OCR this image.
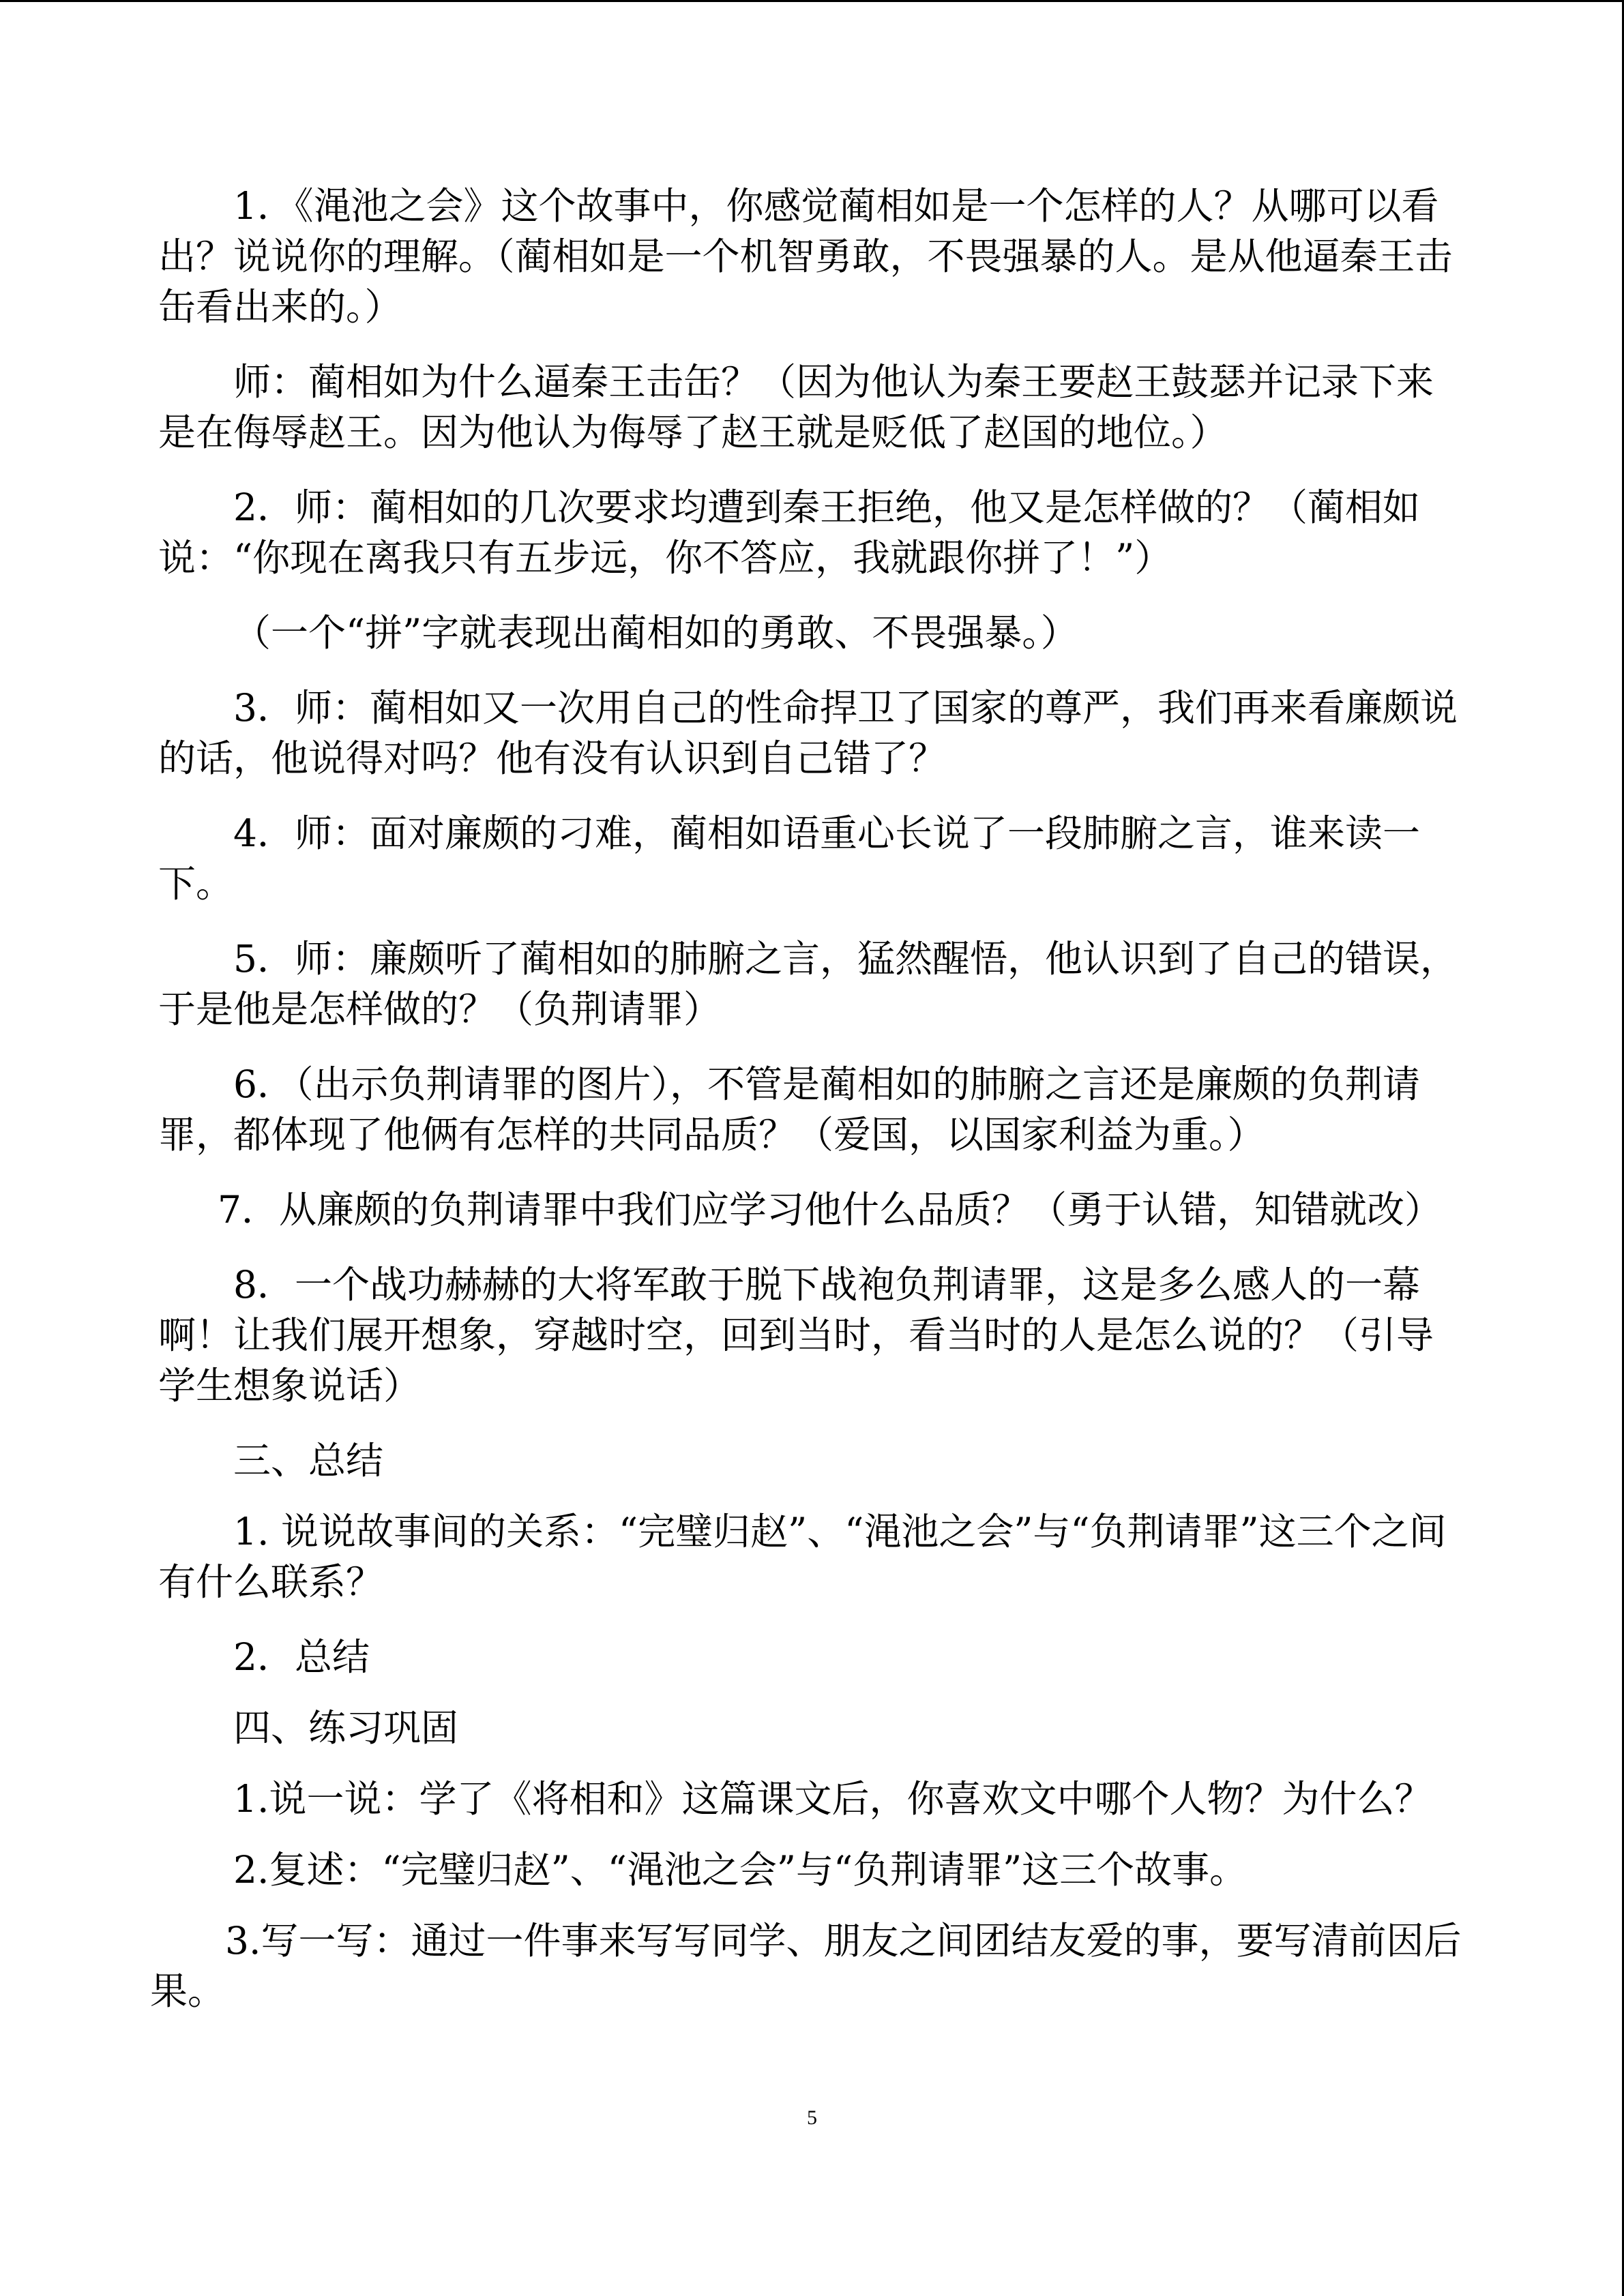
1．《渑池之会》这个故事中，你感觉蔺相如是一个怎样的人？从哪可以看出？说说你的理解。（蔺相如是一个机智勇敢，不畏强暴的人。是从他逼秦王击缶看出来的。）

师：蔺相如为什么逼秦王击缶？（因为他认为秦王要赵王鼓瑟并记录下来是在侮辱赵王。因为他认为侮辱了赵王就是贬低了赵国的地位。）

2．师：蔺相如的几次要求均遭到秦王拒绝，他又是怎样做的？（蔺相如说：“你现在离我只有五步远，你不答应，我就跟你拼了！”）

（一个“拼”字就表现出蔺相如的勇敢、不畏强暴。）

3．师：蔺相如又一次用自己的性命捍卫了国家的尊严，我们再来看廉颇说的话，他说得对吗？他有没有认识到自己错了？

4．师：面对廉颇的刁难，蔺相如语重心长说了一段肺腑之言，谁来读一下。

5．师：廉颇听了蔺相如的肺腑之言，猛然醒悟，他认识到了自己的错误，于是他是怎样做的？（负荆请罪）

6．（出示负荆请罪的图片），不管是蔺相如的肺腑之言还是廉颇的负荆请罪，都体现了他俩有怎样的共同品质？（爱国，以国家利益为重。）

7．从廉颇的负荆请罪中我们应学习他什么品质？（勇于认错，知错就改）

8．一个战功赫赫的大将军敢于脱下战袍负荆请罪，这是多么感人的一幕啊！让我们展开想象，穿越时空，回到当时，看当时的人是怎么说的？（引导学生想象说话）

三、总结

1. 说说故事间的关系：“完璧归赵”、“渑池之会”与“负荆请罪”这三个之间有什么联系？

2．总结

四、练习巩固

1.说一说：学了《将相和》这篇课文后，你喜欢文中哪个人物？为什么？

2.复述：“完璧归赵”、“渑池之会”与“负荆请罪”这三个故事。

3.写一写：通过一件事来写写同学、朋友之间团结友爱的事，要写清前因后果。

5
